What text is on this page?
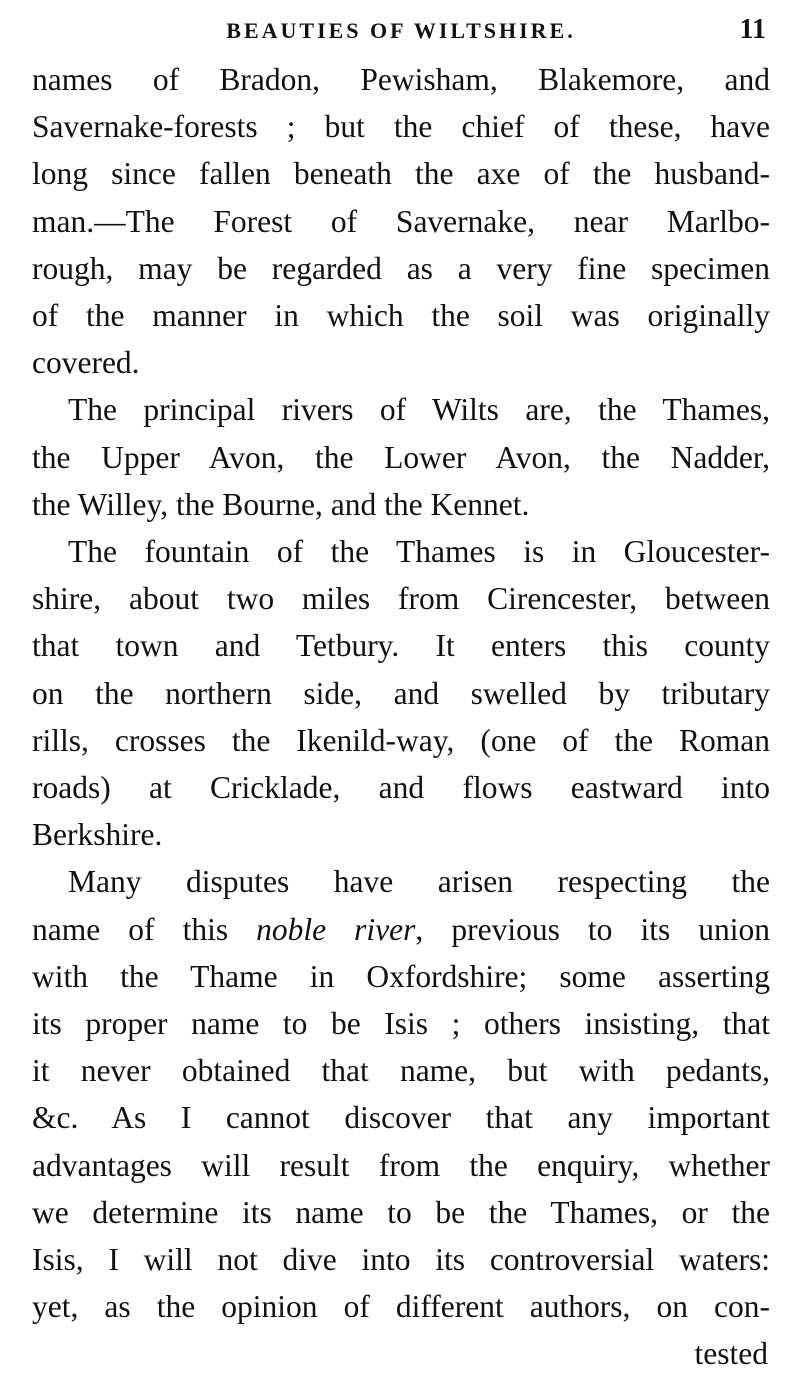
BEAUTIES OF WILTSHIRE.	11

names of Bradon, Pewisham, Blakemore, and
Savernake-forests ; but the chief of these, have
long since fallen beneath the axe of the husband-
man.—The Forest of Savernake, near Marlbo-
rough, may be regarded as a very fine specimen
of the manner in which the soil was originally
covered.

The principal rivers of Wilts are, the Thames,
the Upper Avon, the Lower Avon, the Nadder,
the Willey, the Bourne, and the Kennet.

The fountain of the Thames is in Gloucester-
shire, about two miles from Cirencester, between
that town and Tetbury. It enters this county
on the northern side, and swelled by tributary
rills, crosses the Ikenild-way, (one of the Roman
roads) at Cricklade, and flows eastward into
Berkshire.

Many disputes have arisen respecting the
name of this noble river, previous to its union
with the Thame in Oxfordshire; some asserting
its proper name to be Isis ; others insisting, that
it never obtained that name, but with pedants,
&c. As I cannot discover that any important
advantages will result from the enquiry, whether
we determine its name to be the Thames, or the
Isis, I will not dive into its controversial waters:
yet, as the opinion of different authors, on con-

tested
